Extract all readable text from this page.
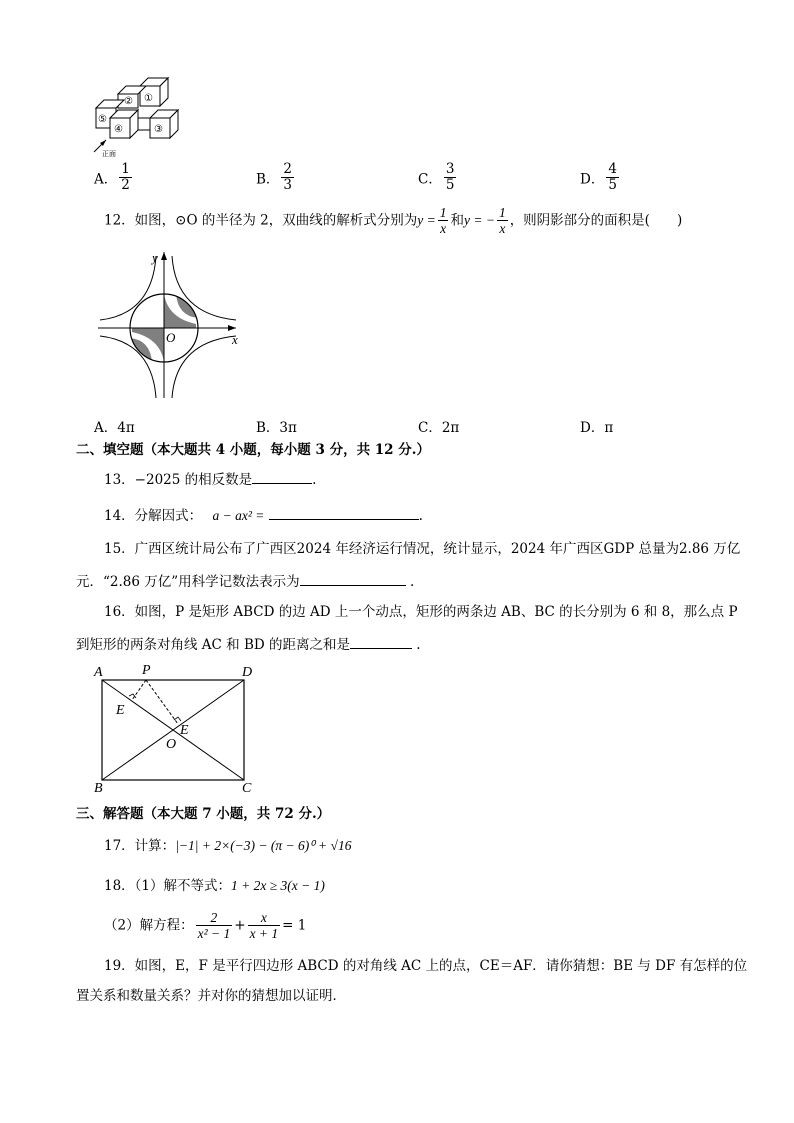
② ①
⑤
④	③
正面
A． $\frac{1}{2}$	B． $\frac{2}{3}$	C． $\frac{3}{5}$	D． $\frac{4}{5}$
12．如图，⊙O 的半径为 2，双曲线的解析式分别为$y = \frac{1}{x}$ 和y = − $\frac{1}{x}$ ，则阴影部分的面积是(　　)
y
x
O
A．4π	B．3π	C．2π	D．π
二、填空题（本大题共 4 小题，每小题 3 分，共 12 分.）
13．−2025 的相反数是	.
14．分解因式： a − ax² =	.
15．广西区统计局公布了广西区2024 年经济运行情况，统计显示，2024 年广西区GDP 总量为2.86 万亿
元．“2.86 万亿”用科学记数法表示为	.
16．如图，P 是矩形 ABCD 的边 AD 上一个动点，矩形的两条边 AB、BC 的长分别为 6 和 8，那么点 P
到矩形的两条对角线 AC 和 BD 的距离之和是	.
A	P	D
E
E
O
B	C
三、解答题（本大题 7 小题，共 72 分.）
17．计算：|−1| + 2×(−3) − (π − 6)⁰ + √16
18．（1）解不等式：1 + 2x ≥ 3(x − 1)
（2）解方程： $\frac{2}{\text{x² − 1}} + \frac{x}{x + 1} = 1$
19．如图，E，F 是平行四边形 ABCD 的对角线 AC 上的点，CE＝AF．请你猜想：BE 与 DF 有怎样的位
置关系和数量关系？并对你的猜想加以证明．
